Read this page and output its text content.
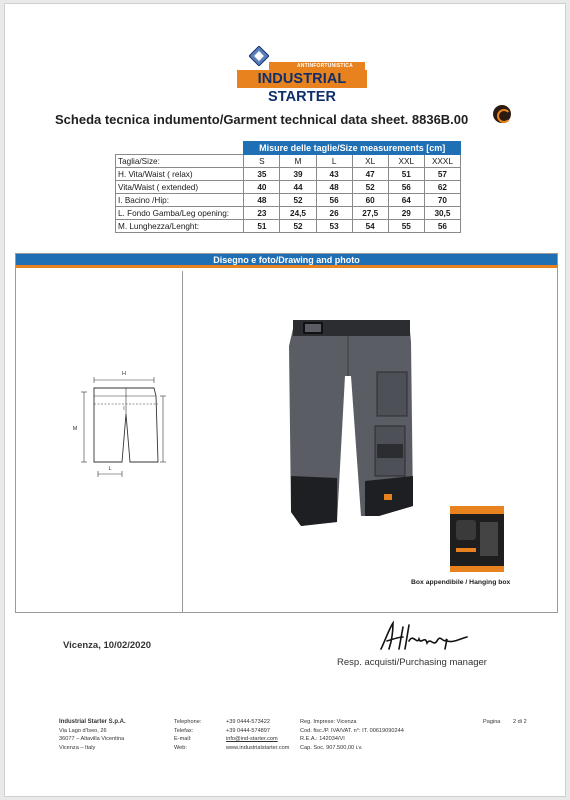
ANTINFORTUNISTICA
INDUSTRIAL STARTER
Scheda tecnica indumento/Garment technical data sheet. 8836B.00
	Misure delle taglie/Size measurements [cm]					
Taglia/Size:	S	M	L	XL	XXL	XXXL
H. Vita/Waist ( relax)	35	39	43	47	51	57
Vita/Waist ( extended)	40	44	48	52	56	62
I. Bacino /Hip:	48	52	56	60	64	70
L. Fondo Gamba/Leg opening:	23	24,5	26	27,5	29	30,5
M. Lunghezza/Lenght:	51	52	53	54	55	56
Disegno e foto/Drawing and photo
H
I
M
L
Box appendibile / Hanging box
Vicenza, 10/02/2020
Resp. acquisti/Purchasing manager
Industrial Starter S.p.A.
Via Lago d'Iseo, 26
36077 – Altavilla Vicentina
Vicenza – Italy
Telephone:
Telefax:
E-mail:
Web:
+39 0444-573422
+39 0444-574897
info@ind-starter.com
www.industrialstarter.com
Reg. Imprese: Vicenza
Cod. fisc./P. IVA/VAT. n°: IT. 00619090244
R.E.A.: 142034/VI
Cap. Soc. 907.500,00 i.v.
Pagina 2 di 2
